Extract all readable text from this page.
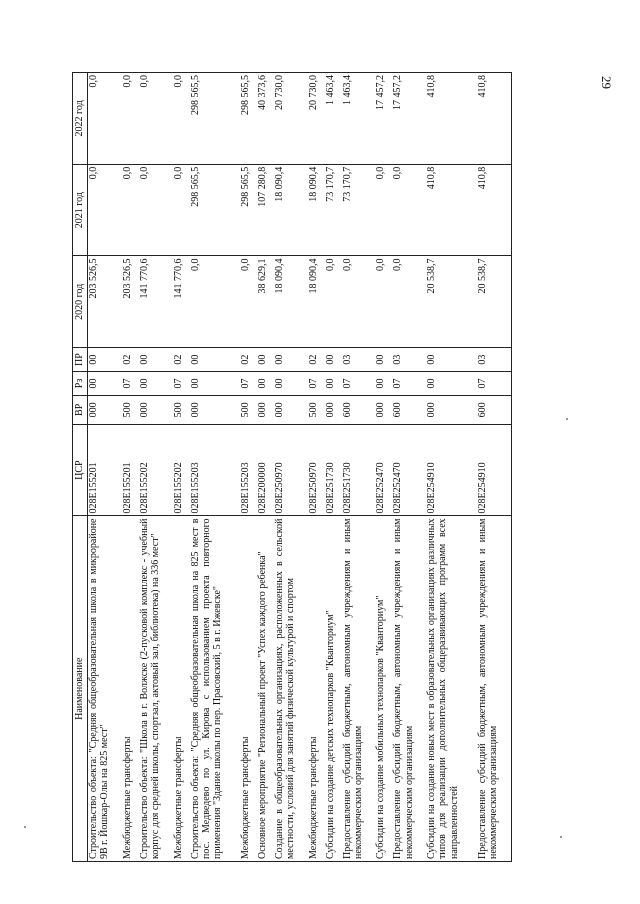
29
Наименование	ЦСР	ВР	Рз	ПР	2020 год	2021 год	2022 год
Строительство объекта: "Средняя общеобразовательная школа в микрорайоне 9В г. Йошкар-Олы на 825 мест"	028E155201	000	00	00	203 526,5	0,0	0,0
Межбюджетные трансферты	028E155201	500	07	02	203 526,5	0,0	0,0
Строительство объекта: "Школа в г. Волжске (2-пусковой комплекс - учебный корпус для средней школы, спортзал, актовый зал, библиотека) на 336 мест"	028E155202	000	00	00	141 770,6	0,0	0,0
Межбюджетные трансферты	028E155202	500	07	02	141 770,6	0,0	0,0
Строительство объекта: "Средняя общеобразовательная школа на 825 мест в пос. Медведево по ул. Кирова с использованием проекта повторного применения "Здание школы по пер. Прасовский, 5 в г. Ижевске"	028E155203	000	00	00	0,0	298 565,5	298 565,5
Межбюджетные трансферты	028E155203	500	07	02	0,0	298 565,5	298 565,5
Основное мероприятие "Региональный проект "Успех каждого ребенка"	028E200000	000	00	00	38 629,1	107 280,8	40 373,6
Создание в общеобразовательных организациях, расположенных в сельской местности, условий для занятий физической культурой и спортом	028E250970	000	00	00	18 090,4	18 090,4	20 730,0
Межбюджетные трансферты	028E250970	500	07	02	18 090,4	18 090,4	20 730,0
Субсидии на создание детских технопарков "Кванториум"	028E251730	000	00	00	0,0	73 170,7	1 463,4
Предоставление субсидий бюджетным, автономным учреждениям и иным некоммерческим организациям	028E251730	600	07	03	0,0	73 170,7	1 463,4
Субсидии на создание мобильных технопарков "Кванториум"	028E252470	000	00	00	0,0	0,0	17 457,2
Предоставление субсидий бюджетным, автономным учреждениям и иным некоммерческим организациям	028E252470	600	07	03	0,0	0,0	17 457,2
Субсидии на создание новых мест в образовательных организациях различных типов для реализации дополнительных общеразвивающих программ всех направленностей	028E254910	000	00	00	20 538,7	410,8	410,8
Предоставление субсидий бюджетным, автономным учреждениям и иным некоммерческим организациям	028E254910	600	07	03	20 538,7	410,8	410,8
